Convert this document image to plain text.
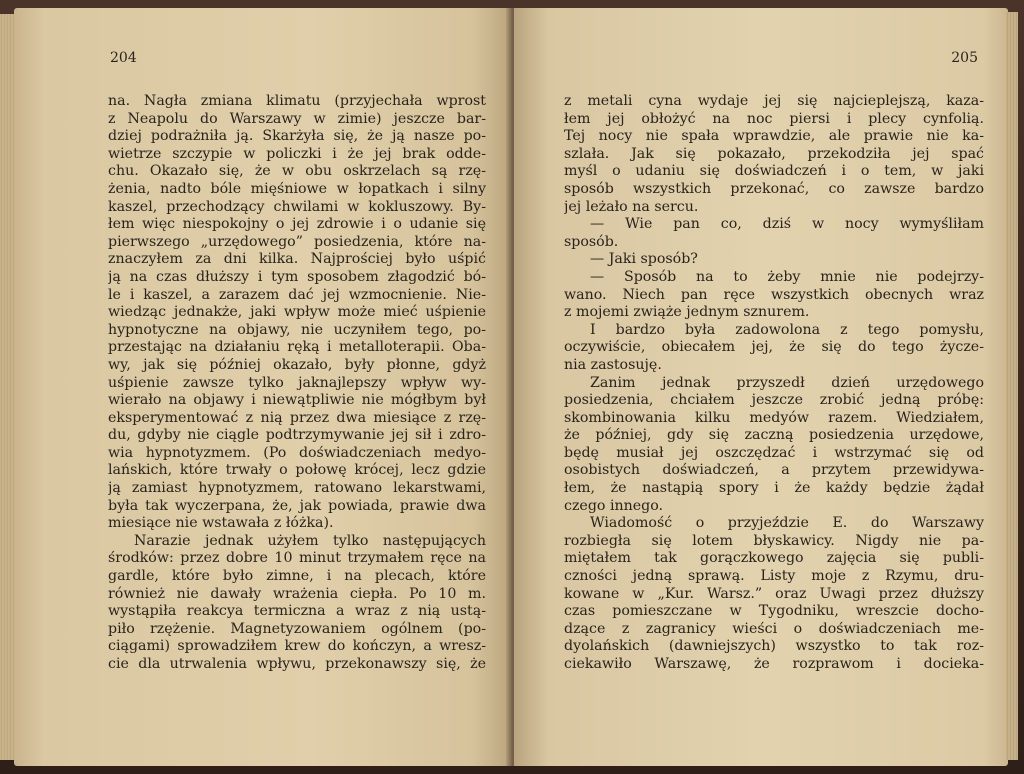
204
na. Nagła zmiana klimatu (przyjechała wprost
z Neapolu do Warszawy w zimie) jeszcze bar-
dziej podrażniła ją. Skarżyła się, że ją nasze po-
wietrze szczypie w policzki i że jej brak odde-
chu. Okazało się, że w obu oskrzelach są rzę-
żenia, nadto bóle mięśniowe w łopatkach i silny
kaszel, przechodzący chwilami w kokluszowy. By-
łem więc niespokojny o jej zdrowie i o udanie się
pierwszego „urzędowego” posiedzenia, które na-
znaczyłem za dni kilka. Najprościej było uśpić
ją na czas dłuższy i tym sposobem złagodzić bó-
le i kaszel, a zarazem dać jej wzmocnienie. Nie-
wiedząc jednakże, jaki wpływ może mieć uśpienie
hypnotyczne na objawy, nie uczyniłem tego, po-
przestając na działaniu ręką i metalloterapii. Oba-
wy, jak się później okazało, były płonne, gdyż
uśpienie zawsze tylko jaknajlepszy wpływ wy-
wierało na objawy i niewątpliwie nie mógłbym był
eksperymentować z nią przez dwa miesiące z rzę-
du, gdyby nie ciągle podtrzymywanie jej sił i zdro-
wia hypnotyzmem. (Po doświadczeniach medyo-
lańskich, które trwały o połowę krócej, lecz gdzie
ją zamiast hypnotyzmem, ratowano lekarstwami,
była tak wyczerpana, że, jak powiada, prawie dwa
miesiące nie wstawała z łóżka).
Narazie jednak użyłem tylko następujących
środków: przez dobre 10 minut trzymałem ręce na
gardle, które było zimne, i na plecach, które
również nie dawały wrażenia ciepła. Po 10 m.
wystąpiła reakcya termiczna a wraz z nią ustą-
piło rzężenie. Magnetyzowaniem ogólnem (po-
ciągami) sprowadziłem krew do kończyn, a wresz-
cie dla utrwalenia wpływu, przekonawszy się, że
205
z metali cyna wydaje jej się najcieplejszą, kaza-
łem jej obłożyć na noc piersi i plecy cynfolią.
Tej nocy nie spała wprawdzie, ale prawie nie ka-
szlała. Jak się pokazało, przekodziła jej spać
myśl o udaniu się doświadczeń i o tem, w jaki
sposób wszystkich przekonać, co zawsze bardzo
jej leżało na sercu.
— Wie pan co, dziś w nocy wymyśliłam
sposób.
— Jaki sposób?
— Sposób na to żeby mnie nie podejrzy-
wano. Niech pan ręce wszystkich obecnych wraz
z mojemi zwiąże jednym sznurem.
I bardzo była zadowolona z tego pomysłu,
oczywiście, obiecałem jej, że się do tego życze-
nia zastosuję.
Zanim jednak przyszedł dzień urzędowego
posiedzenia, chciałem jeszcze zrobić jedną próbę:
skombinowania kilku medyów razem. Wiedziałem,
że później, gdy się zaczną posiedzenia urzędowe,
będę musiał jej oszczędzać i wstrzymać się od
osobistych doświadczeń, a przytem przewidywa-
łem, że nastąpią spory i że każdy będzie żądał
czego innego.
Wiadomość o przyjeździe E. do Warszawy
rozbiegła się lotem błyskawicy. Nigdy nie pa-
miętałem tak gorączkowego zajęcia się publi-
czności jedną sprawą. Listy moje z Rzymu, dru-
kowane w „Kur. Warsz.” oraz Uwagi przez dłuższy
czas pomieszczane w Tygodniku, wreszcie docho-
dzące z zagranicy wieści o doświadczeniach me-
dyolańskich (dawniejszych) wszystko to tak roz-
ciekawiło Warszawę, że rozprawom i docieka-
